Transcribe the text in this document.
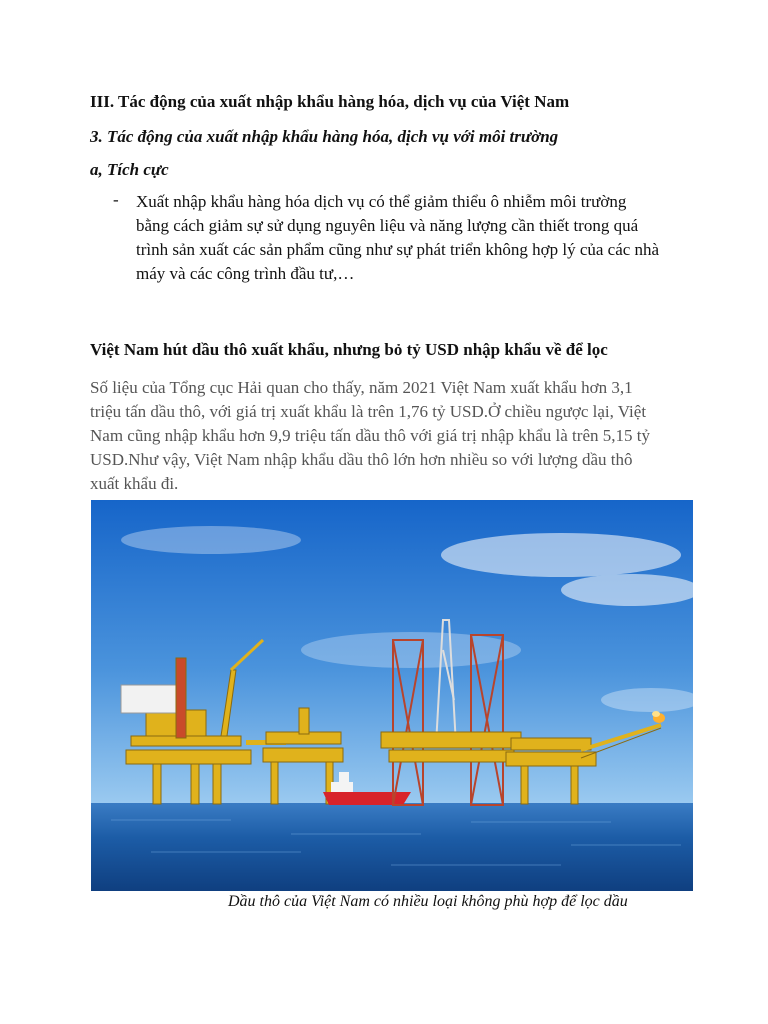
III. Tác động của xuất nhập khẩu hàng hóa, dịch vụ của Việt Nam
3. Tác động của xuất nhập khẩu hàng hóa, dịch vụ với môi trường
a, Tích cực
- Xuất nhập khẩu hàng hóa dịch vụ có thể giảm thiểu ô nhiễm môi trường
bằng cách giảm sự sử dụng nguyên liệu và năng lượng cần thiết trong quá
trình sản xuất các sản phẩm cũng như sự phát triển không hợp lý của các nhà
máy và các công trình đầu tư,…
Việt Nam hút dầu thô xuất khẩu, nhưng bỏ tỷ USD nhập khẩu về để lọc
Số liệu của Tổng cục Hải quan cho thấy, năm 2021 Việt Nam xuất khẩu hơn 3,1
triệu tấn dầu thô, với giá trị xuất khẩu là trên 1,76 tỷ USD.Ở chiều ngược lại, Việt
Nam cũng nhập khẩu hơn 9,9 triệu tấn dầu thô với giá trị nhập khẩu là trên 5,15 tỷ
USD.Như vậy, Việt Nam nhập khẩu dầu thô lớn hơn nhiều so với lượng dầu thô
xuất khẩu đi.
Dầu thô của Việt Nam có nhiều loại không phù hợp để lọc dầu
